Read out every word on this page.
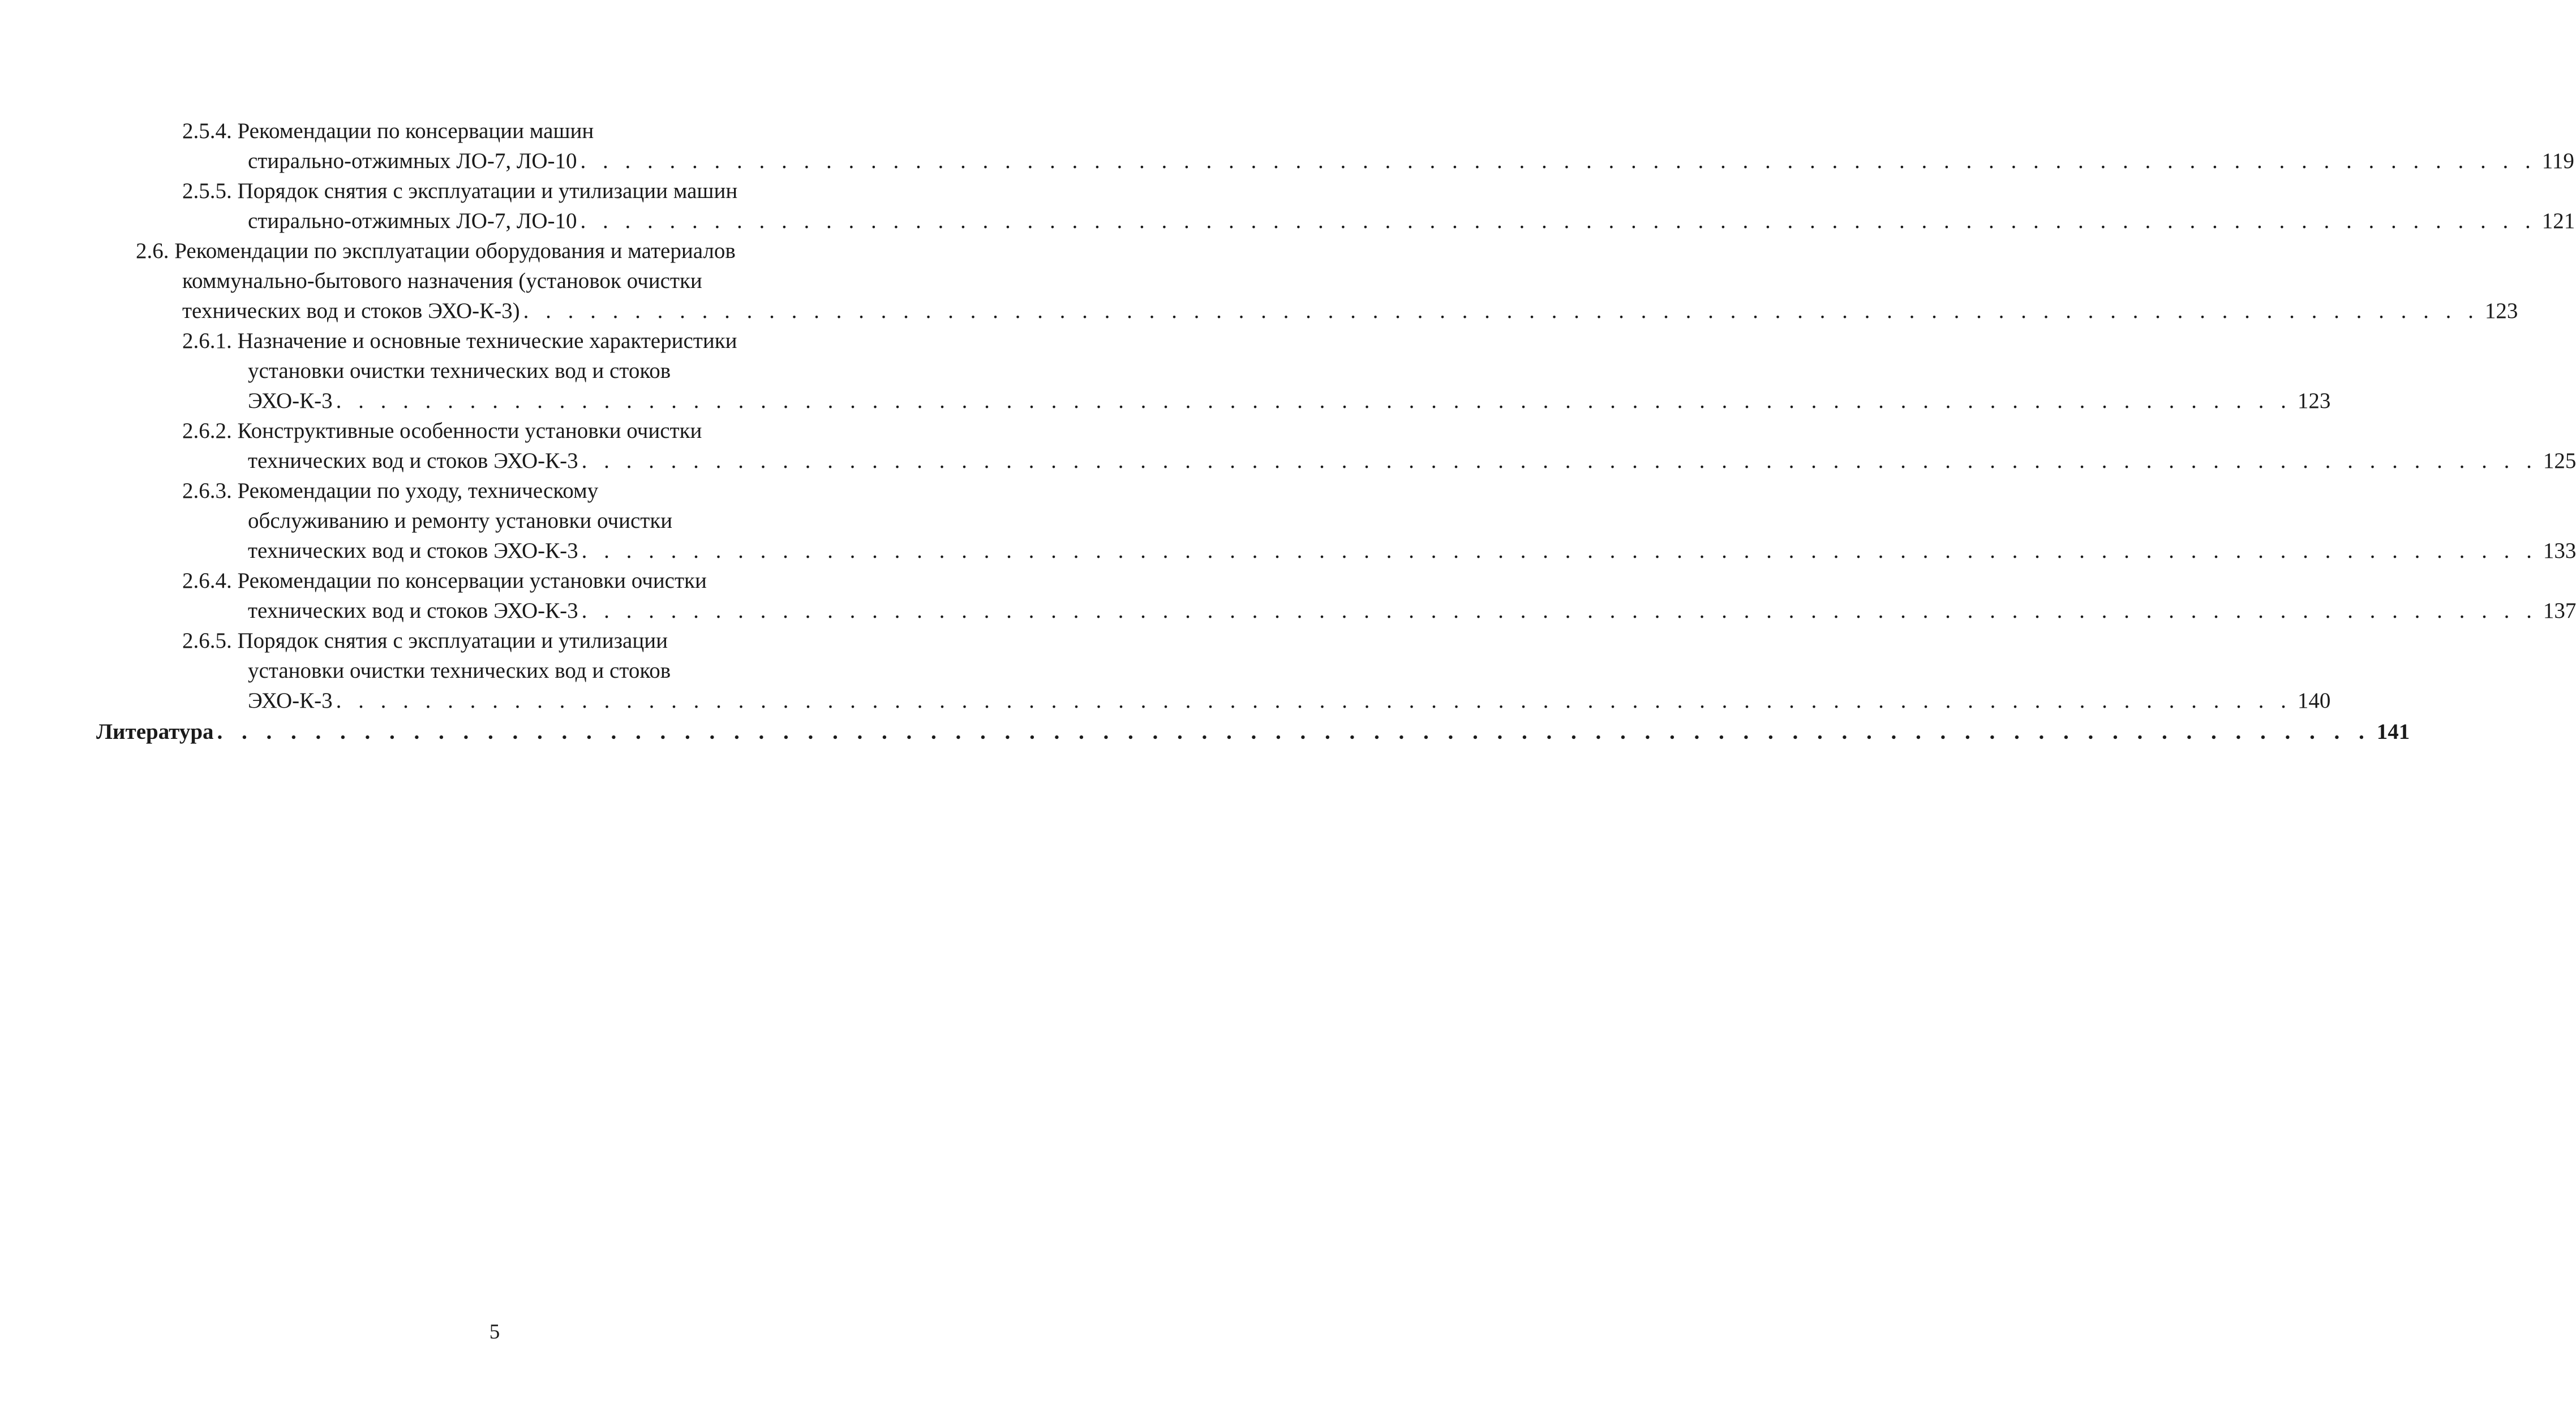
2.5.4. Рекомендации по консервации машин
стирально-отжимных ЛО-7, ЛО-10 . . . . . . . . . . . . . . . . . . . . . . . . . . . . . . . . . . . . . . . . . . . . . . . . . . . . . . . . . . . . . . . . . . . . . . . . . . . . . . . . . . . . . . . . 119
2.5.5. Порядок снятия с эксплуатации и утилизации машин
стирально-отжимных ЛО-7, ЛО-10 . . . . . . . . . . . . . . . . . . . . . . . . . . . . . . . . . . . . . . . . . . . . . . . . . . . . . . . . . . . . . . . . . . . . . . . . . . . . . . . . . . . . . . . . 121
2.6. Рекомендации по эксплуатации оборудования и материалов
коммунально-бытового назначения (установок очистки
технических вод и стоков ЭХО-К-3) . . . . . . . . . . . . . . . . . . . . . . . . . . . . . . . . . . . . . . . . . . . . . . . . . . . . . . . . . . . . . . . . . . . . . . . . . . . . . . . . . . . . . . . . 123
2.6.1. Назначение и основные технические характеристики
установки очистки технических вод и стоков
ЭХО-К-3 . . . . . . . . . . . . . . . . . . . . . . . . . . . . . . . . . . . . . . . . . . . . . . . . . . . . . . . . . . . . . . . . . . . . . . . . . . . . . . . . . . . . . . . . 123
2.6.2. Конструктивные особенности установки очистки
технических вод и стоков ЭХО-К-3 . . . . . . . . . . . . . . . . . . . . . . . . . . . . . . . . . . . . . . . . . . . . . . . . . . . . . . . . . . . . . . . . . . . . . . . . . . . . . . . . . . . . . . . . 125
2.6.3. Рекомендации по уходу, техническому
обслуживанию и ремонту установки очистки
технических вод и стоков ЭХО-К-3 . . . . . . . . . . . . . . . . . . . . . . . . . . . . . . . . . . . . . . . . . . . . . . . . . . . . . . . . . . . . . . . . . . . . . . . . . . . . . . . . . . . . . . . . 133
2.6.4. Рекомендации по консервации установки очистки
технических вод и стоков ЭХО-К-3 . . . . . . . . . . . . . . . . . . . . . . . . . . . . . . . . . . . . . . . . . . . . . . . . . . . . . . . . . . . . . . . . . . . . . . . . . . . . . . . . . . . . . . . . 137
2.6.5. Порядок снятия с эксплуатации и утилизации
установки очистки технических вод и стоков
ЭХО-К-3 . . . . . . . . . . . . . . . . . . . . . . . . . . . . . . . . . . . . . . . . . . . . . . . . . . . . . . . . . . . . . . . . . . . . . . . . . . . . . . . . . . . . . . . . 140
Литература . . . . . . . . . . . . . . . . . . . . . . . . . . . . . . . . . . . . . . . . . . . . . . . . . . . . . . . . . . . . . . . . . . . . . . . . . . . . . . . . . . . . . . . . 141
5
